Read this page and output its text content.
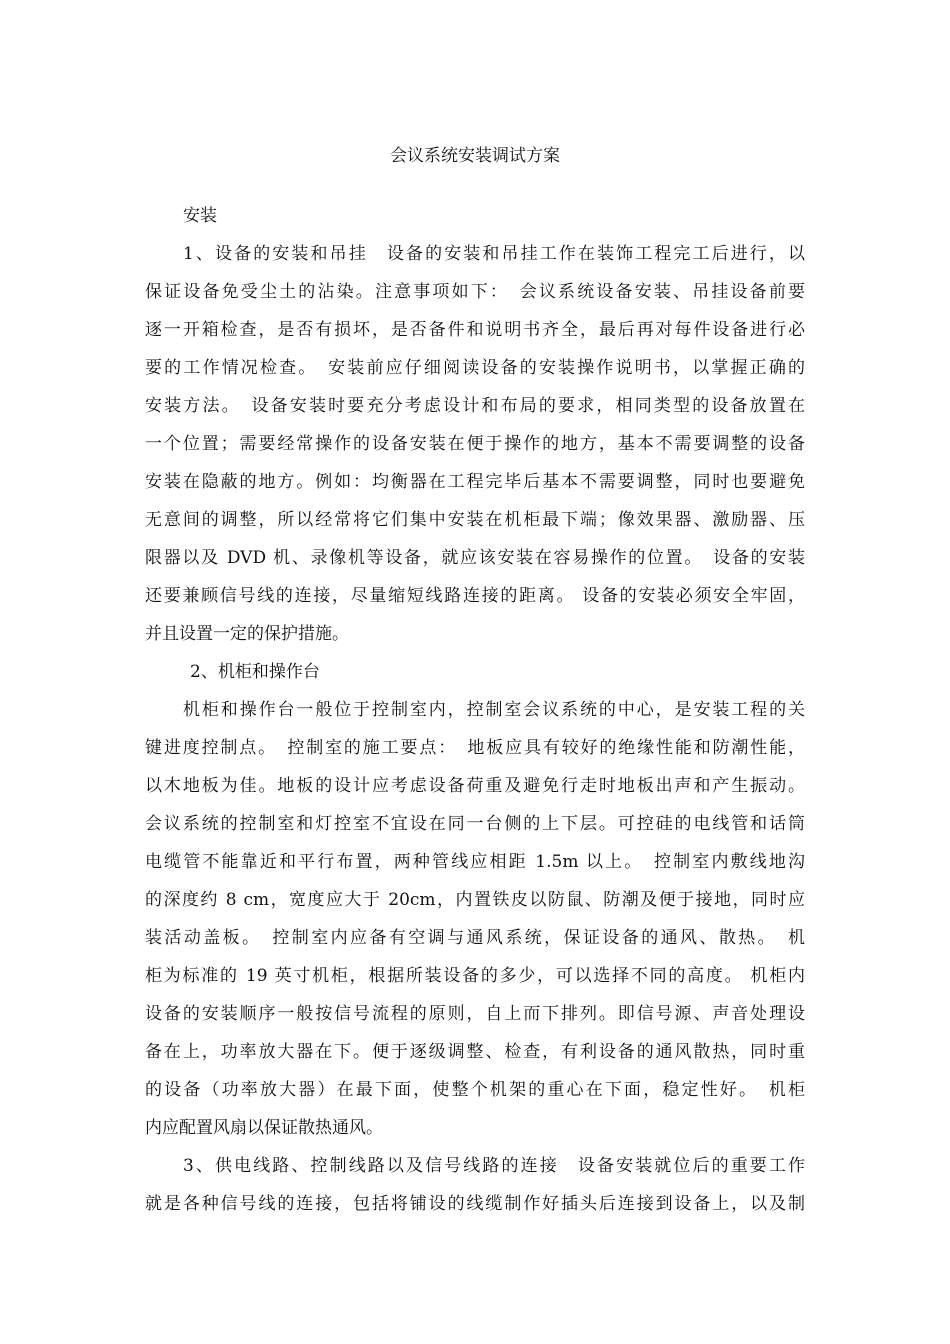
会议系统安装调试方案
安装
1、设备的安装和吊挂　设备的安装和吊挂工作在装饰工程完工后进行，以
保证设备免受尘土的沾染。注意事项如下：　会议系统设备安装、吊挂设备前要
逐一开箱检查，是否有损坏，是否备件和说明书齐全，最后再对每件设备进行必
要的工作情况检查。　安装前应仔细阅读设备的安装操作说明书，以掌握正确的
安装方法。　设备安装时要充分考虑设计和布局的要求，相同类型的设备放置在
一个位置；需要经常操作的设备安装在便于操作的地方，基本不需要调整的设备
安装在隐蔽的地方。例如：均衡器在工程完毕后基本不需要调整，同时也要避免
无意间的调整，所以经常将它们集中安装在机柜最下端；像效果器、激励器、压
限器以及 DVD 机、录像机等设备，就应该安装在容易操作的位置。　设备的安装
还要兼顾信号线的连接，尽量缩短线路连接的距离。 设备的安装必须安全牢固，
并且设置一定的保护措施。
2、机柜和操作台
机柜和操作台一般位于控制室内，控制室会议系统的中心，是安装工程的关
键进度控制点。　控制室的施工要点：　地板应具有较好的绝缘性能和防潮性能，
以木地板为佳。地板的设计应考虑设备荷重及避免行走时地板出声和产生振动。
会议系统的控制室和灯控室不宜设在同一台侧的上下层。可控硅的电线管和话筒
电缆管不能靠近和平行布置，两种管线应相距 1.5m 以上。　控制室内敷线地沟
的深度约 8 cm，宽度应大于 20cm，内置铁皮以防鼠、防潮及便于接地，同时应
装活动盖板。　控制室内应备有空调与通风系统，保证设备的通风、散热。　机
柜为标准的 19 英寸机柜，根据所装设备的多少，可以选择不同的高度。 机柜内
设备的安装顺序一般按信号流程的原则，自上而下排列。即信号源、声音处理设
备在上，功率放大器在下。便于逐级调整、检查，有利设备的通风散热，同时重
的设备（功率放大器）在最下面，使整个机架的重心在下面，稳定性好。　机柜
内应配置风扇以保证散热通风。
3、供电线路、控制线路以及信号线路的连接　设备安装就位后的重要工作
就是各种信号线的连接，包括将铺设的线缆制作好插头后连接到设备上，以及制
